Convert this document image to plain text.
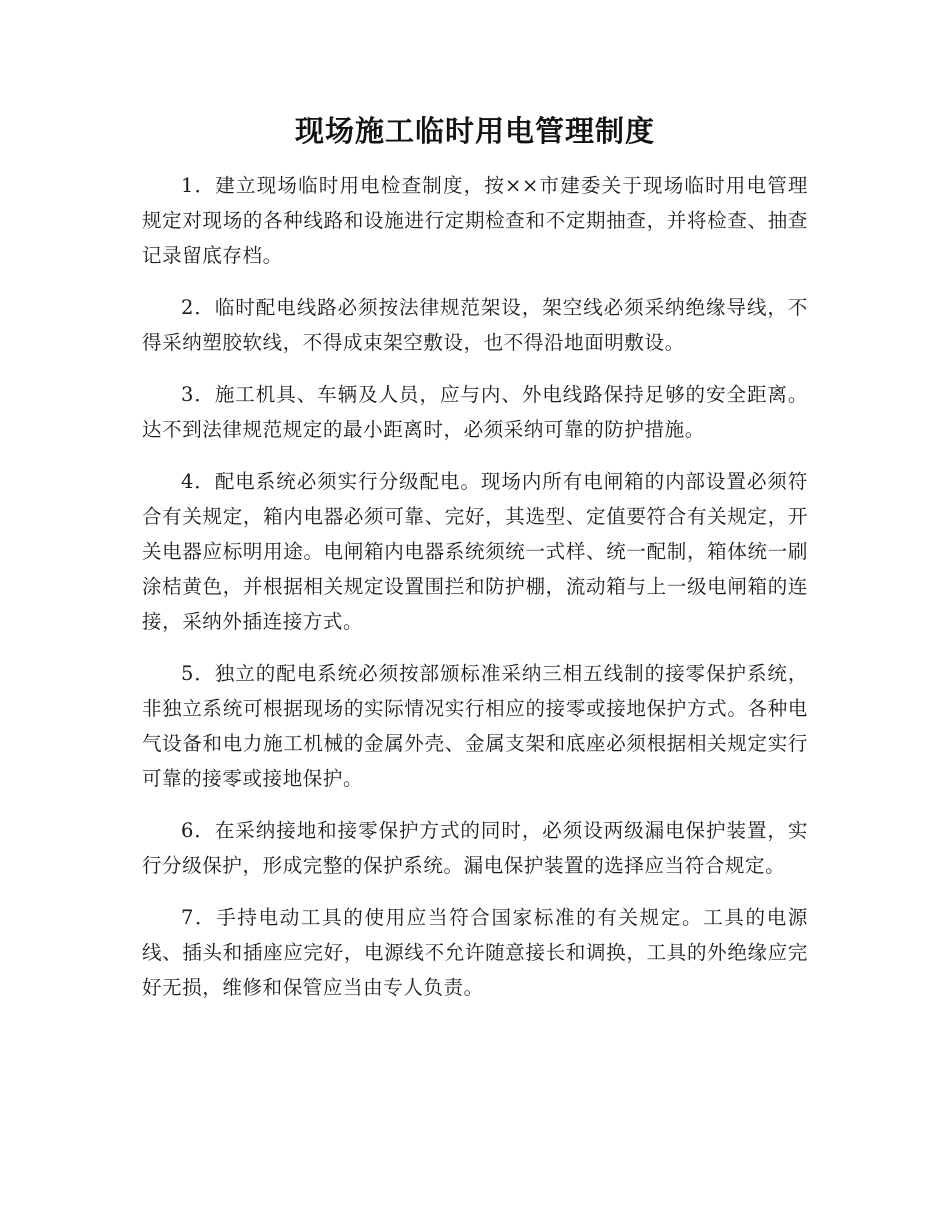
现场施工临时用电管理制度

1．建立现场临时用电检查制度，按××市建委关于现场临时用电管理规定对现场的各种线路和设施进行定期检查和不定期抽查，并将检查、抽查记录留底存档。

2．临时配电线路必须按法律规范架设，架空线必须采纳绝缘导线，不得采纳塑胶软线，不得成束架空敷设，也不得沿地面明敷设。

3．施工机具、车辆及人员，应与内、外电线路保持足够的安全距离。达不到法律规范规定的最小距离时，必须采纳可靠的防护措施。

4．配电系统必须实行分级配电。现场内所有电闸箱的内部设置必须符合有关规定，箱内电器必须可靠、完好，其选型、定值要符合有关规定，开关电器应标明用途。电闸箱内电器系统须统一式样、统一配制，箱体统一刷涂桔黄色，并根据相关规定设置围拦和防护棚，流动箱与上一级电闸箱的连接，采纳外插连接方式。

5．独立的配电系统必须按部颁标准采纳三相五线制的接零保护系统，非独立系统可根据现场的实际情况实行相应的接零或接地保护方式。各种电气设备和电力施工机械的金属外壳、金属支架和底座必须根据相关规定实行可靠的接零或接地保护。

6．在采纳接地和接零保护方式的同时，必须设两级漏电保护装置，实行分级保护，形成完整的保护系统。漏电保护装置的选择应当符合规定。

7．手持电动工具的使用应当符合国家标准的有关规定。工具的电源线、插头和插座应完好，电源线不允许随意接长和调换，工具的外绝缘应完好无损，维修和保管应当由专人负责。
